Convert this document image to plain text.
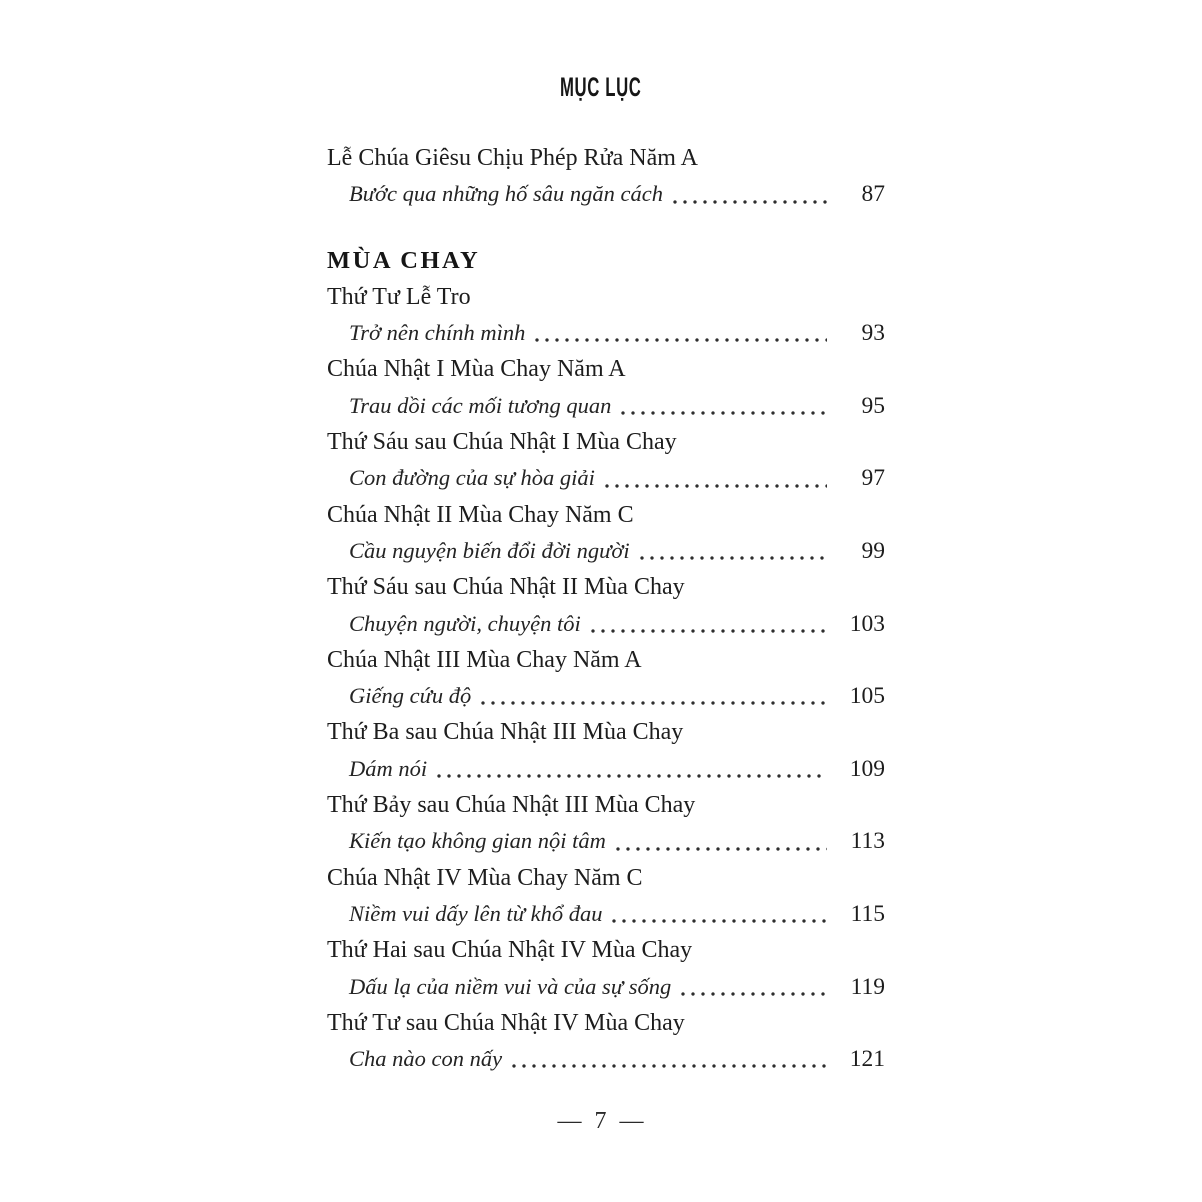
MỤC LỤC
Lễ Chúa Giêsu Chịu Phép Rửa Năm A
Bước qua những hố sâu ngăn cách	87
MÙA CHAY
Thứ Tư Lễ Tro
Trở nên chính mình	93
Chúa Nhật I Mùa Chay Năm A
Trau dồi các mối tương quan	95
Thứ Sáu sau Chúa Nhật I Mùa Chay
Con đường của sự hòa giải	97
Chúa Nhật II Mùa Chay Năm C
Cầu nguyện biến đổi đời người	99
Thứ Sáu sau Chúa Nhật II Mùa Chay
Chuyện người, chuyện tôi	103
Chúa Nhật III Mùa Chay Năm A
Giếng cứu độ	105
Thứ Ba sau Chúa Nhật III Mùa Chay
Dám nói	109
Thứ Bảy sau Chúa Nhật III Mùa Chay
Kiến tạo không gian nội tâm	113
Chúa Nhật IV Mùa Chay Năm C
Niềm vui dấy lên từ khổ đau	115
Thứ Hai sau Chúa Nhật IV Mùa Chay
Dấu lạ của niềm vui và của sự sống	119
Thứ Tư sau Chúa Nhật IV Mùa Chay
Cha nào con nấy	121
— 7 —
